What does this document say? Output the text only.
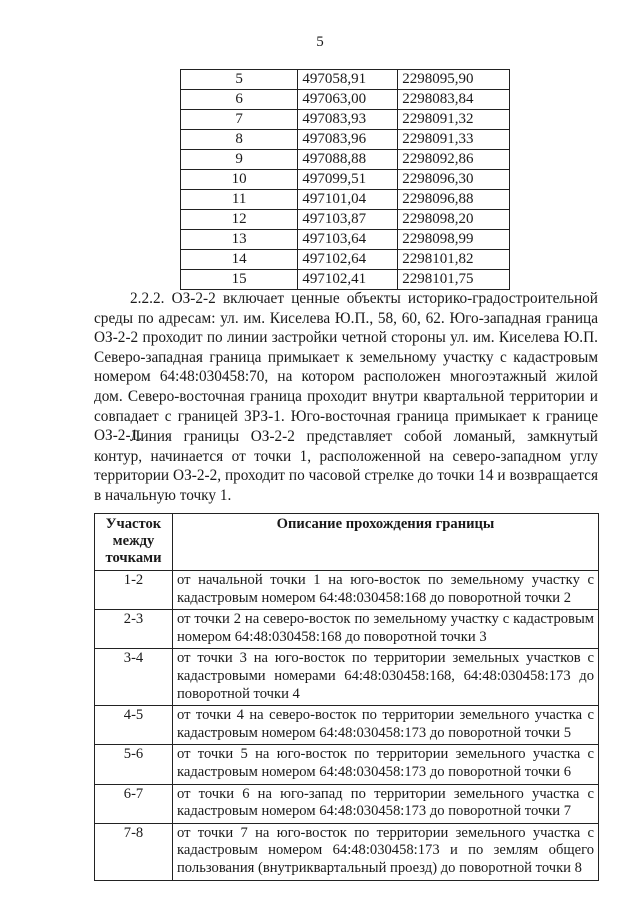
5
5	497058,91	2298095,90
6	497063,00	2298083,84
7	497083,93	2298091,32
8	497083,96	2298091,33
9	497088,88	2298092,86
10	497099,51	2298096,30
11	497101,04	2298096,88
12	497103,87	2298098,20
13	497103,64	2298098,99
14	497102,64	2298101,82
15	497102,41	2298101,75
2.2.2. ОЗ-2-2 включает ценные объекты историко-градостроительной среды по адресам: ул. им. Киселева Ю.П., 58, 60, 62. Юго-западная граница ОЗ-2-2 проходит по линии застройки четной стороны ул. им. Киселева Ю.П. Северо-западная граница примыкает к земельному участку с кадастровым номером 64:48:030458:70, на котором расположен многоэтажный жилой дом. Северо-восточная граница проходит внутри квартальной территории и совпадает с границей ЗРЗ-1. Юго-восточная граница примыкает к границе ОЗ-2-1.
Линия границы ОЗ-2-2 представляет собой ломаный, замкнутый контур, начинается от точки 1, расположенной на северо-западном углу территории ОЗ-2-2, проходит по часовой стрелке до точки 14 и возвращается в начальную точку 1.
Участок между точками	Описание прохождения границы
1-2	от начальной точки 1 на юго-восток по земельному участку с кадастровым номером 64:48:030458:168 до поворотной точки 2
2-3	от точки 2 на северо-восток по земельному участку с кадастровым номером 64:48:030458:168 до поворотной точки 3
3-4	от точки 3 на юго-восток по территории земельных участков с кадастровыми номерами 64:48:030458:168, 64:48:030458:173 до поворотной точки 4
4-5	от точки 4 на северо-восток по территории земельного участка с кадастровым номером 64:48:030458:173 до поворотной точки 5
5-6	от точки 5 на юго-восток по территории земельного участка с кадастровым номером 64:48:030458:173 до поворотной точки 6
6-7	от точки 6 на юго-запад по территории земельного участка с кадастровым номером 64:48:030458:173 до поворотной точки 7
7-8	от точки 7 на юго-восток по территории земельного участка с кадастровым номером 64:48:030458:173 и по землям общего пользования (внутриквартальный проезд) до поворотной точки 8
